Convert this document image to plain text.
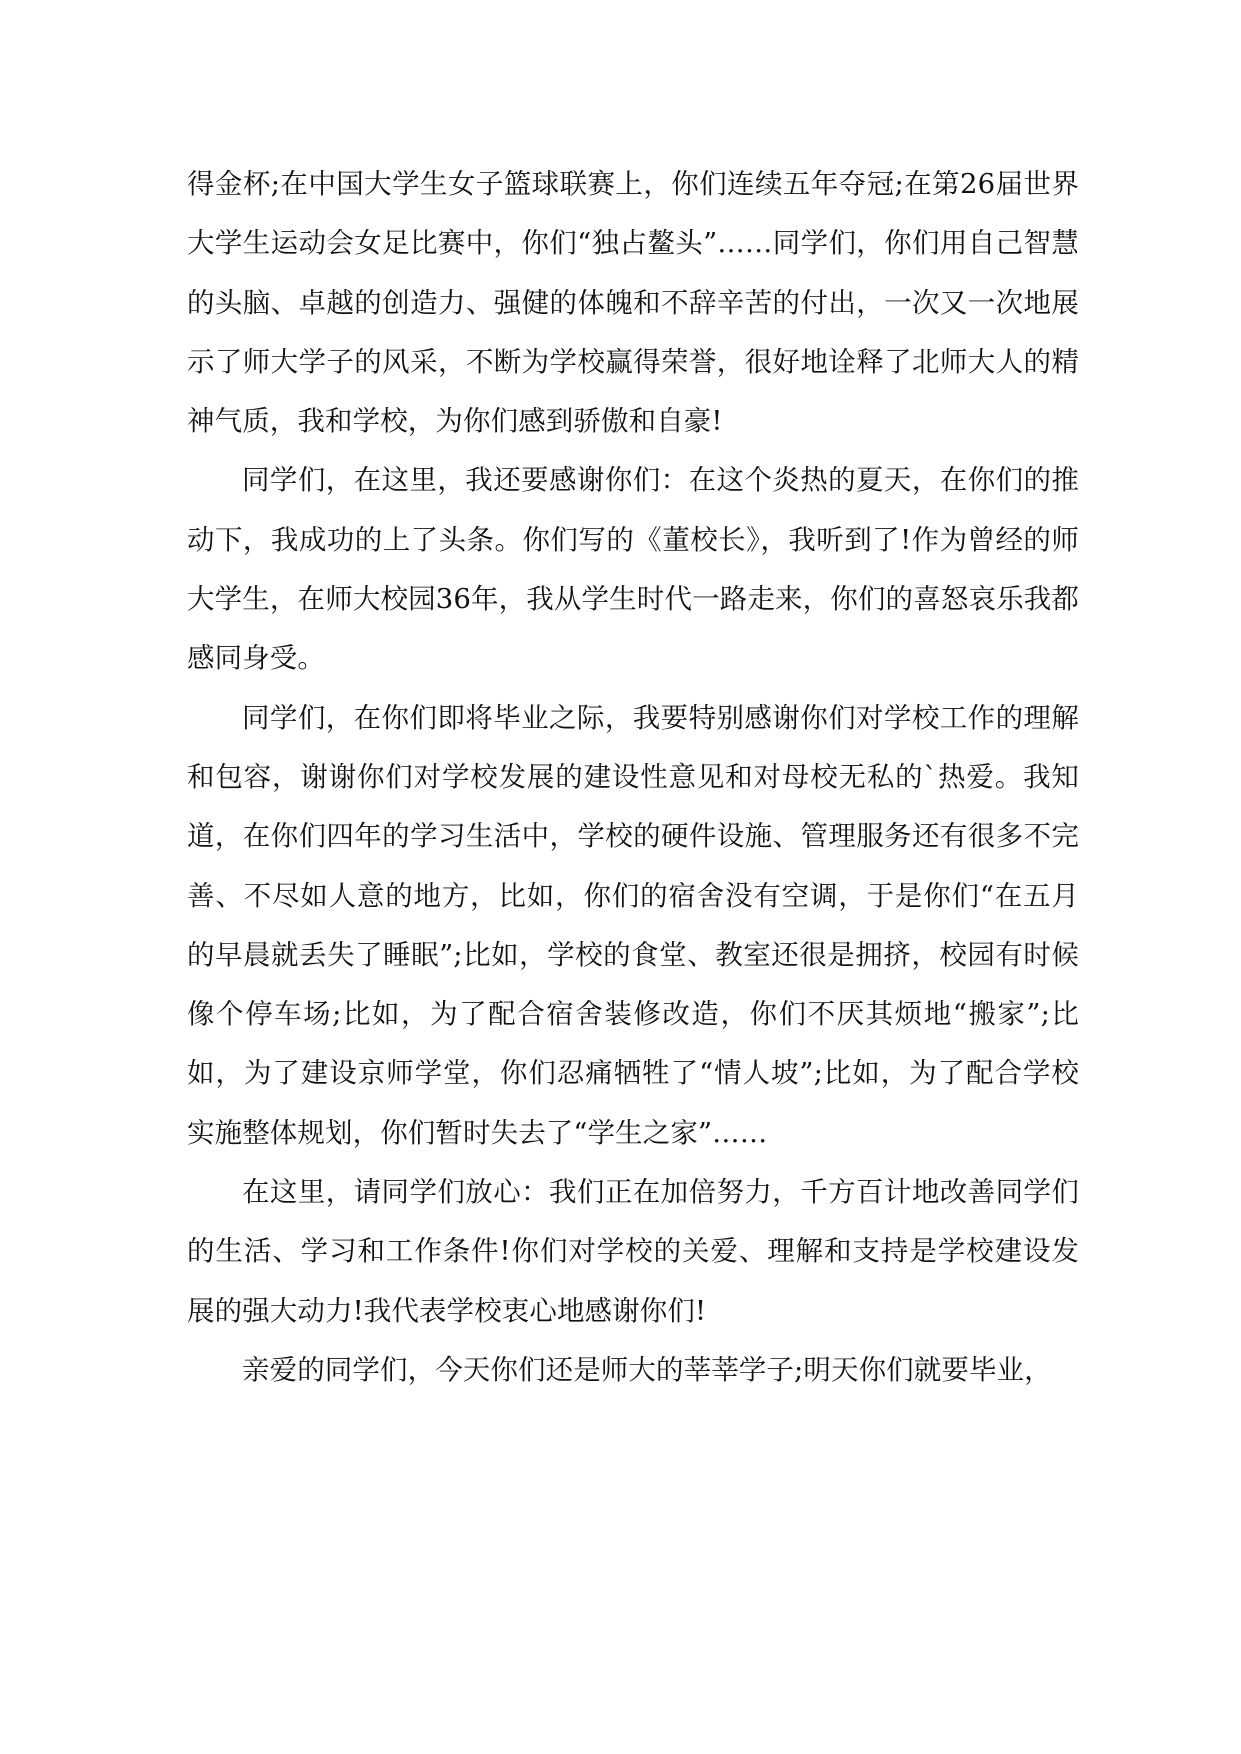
得金杯;在中国大学生女子篮球联赛上，你们连续五年夺冠;在第26届世界大学生运动会女足比赛中，你们“独占鳌头”……同学们，你们用自己智慧的头脑、卓越的创造力、强健的体魄和不辞辛苦的付出，一次又一次地展示了师大学子的风采，不断为学校赢得荣誉，很好地诠释了北师大人的精神气质，我和学校，为你们感到骄傲和自豪!

同学们，在这里，我还要感谢你们：在这个炎热的夏天，在你们的推动下，我成功的上了头条。你们写的《董校长》，我听到了!作为曾经的师大学生，在师大校园36年，我从学生时代一路走来，你们的喜怒哀乐我都感同身受。

同学们，在你们即将毕业之际，我要特别感谢你们对学校工作的理解和包容，谢谢你们对学校发展的建设性意见和对母校无私的`热爱。我知道，在你们四年的学习生活中，学校的硬件设施、管理服务还有很多不完善、不尽如人意的地方，比如，你们的宿舍没有空调，于是你们“在五月的早晨就丢失了睡眠”;比如，学校的食堂、教室还很是拥挤，校园有时候像个停车场;比如，为了配合宿舍装修改造，你们不厌其烦地“搬家”;比如，为了建设京师学堂，你们忍痛牺牲了“情人坡”;比如，为了配合学校实施整体规划，你们暂时失去了“学生之家”……

在这里，请同学们放心：我们正在加倍努力，千方百计地改善同学们的生活、学习和工作条件!你们对学校的关爱、理解和支持是学校建设发展的强大动力!我代表学校衷心地感谢你们!

亲爱的同学们，今天你们还是师大的莘莘学子;明天你们就要毕业，
